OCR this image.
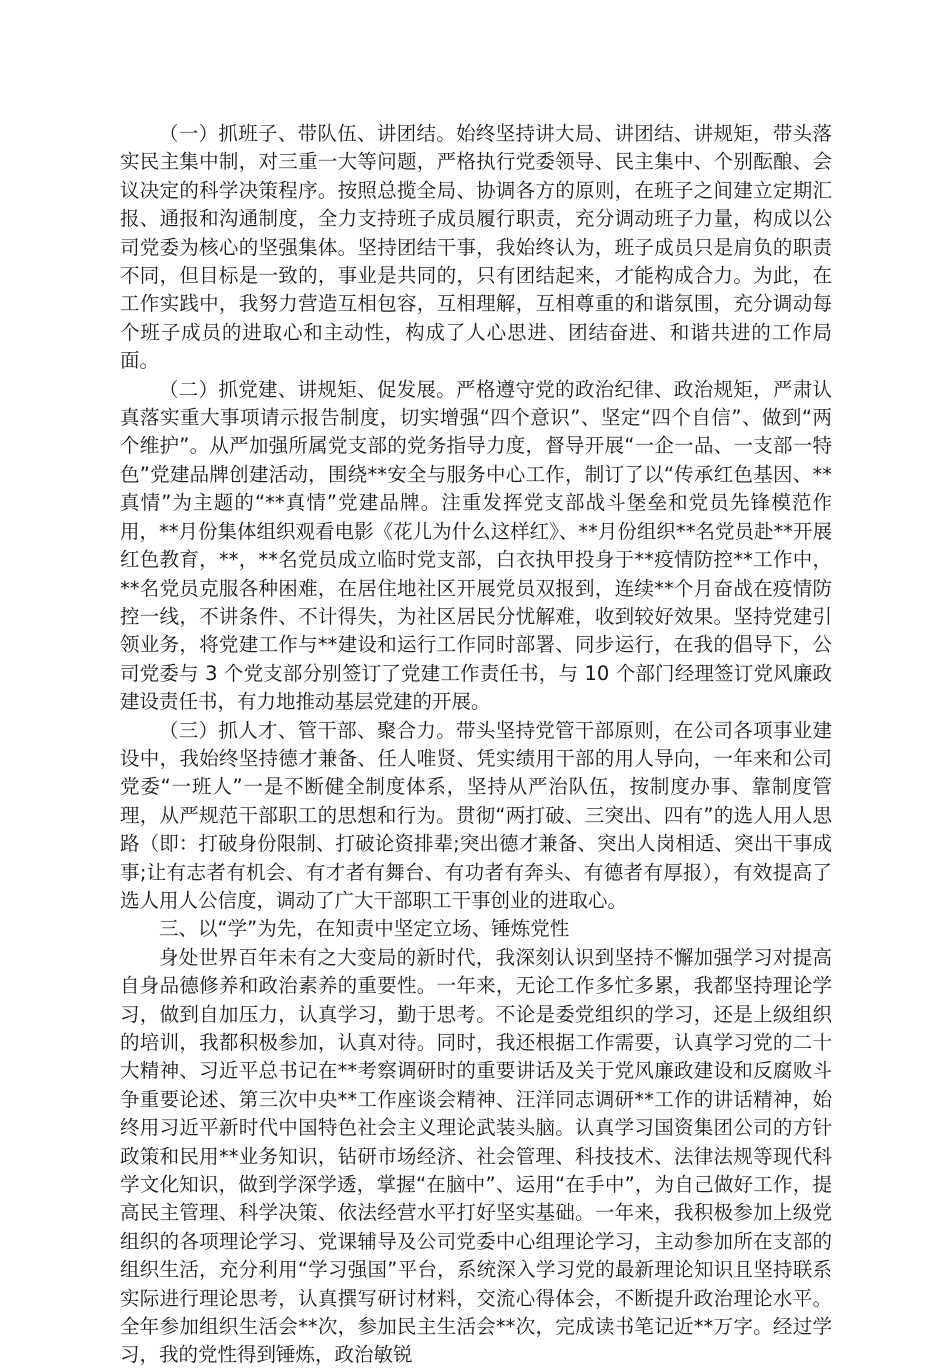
（一）抓班子、带队伍、讲团结。始终坚持讲大局、讲团结、讲规矩，带头落实民主集中制，对三重一大等问题，严格执行党委领导、民主集中、个别酝酿、会议决定的科学决策程序。按照总揽全局、协调各方的原则，在班子之间建立定期汇报、通报和沟通制度，全力支持班子成员履行职责，充分调动班子力量，构成以公司党委为核心的坚强集体。坚持团结干事，我始终认为，班子成员只是肩负的职责不同，但目标是一致的，事业是共同的，只有团结起来，才能构成合力。为此，在工作实践中，我努力营造互相包容，互相理解，互相尊重的和谐氛围，充分调动每个班子成员的进取心和主动性，构成了人心思进、团结奋进、和谐共进的工作局面。

（二）抓党建、讲规矩、促发展。严格遵守党的政治纪律、政治规矩，严肃认真落实重大事项请示报告制度，切实增强“四个意识”、坚定“四个自信”、做到“两个维护”。从严加强所属党支部的党务指导力度，督导开展“一企一品、一支部一特色”党建品牌创建活动，围绕**安全与服务中心工作，制订了以“传承红色基因、**真情”为主题的“**真情”党建品牌。注重发挥党支部战斗堡垒和党员先锋模范作用，**月份集体组织观看电影《花儿为什么这样红》、**月份组织**名党员赴**开展红色教育，**，**名党员成立临时党支部，白衣执甲投身于**疫情防控**工作中，**名党员克服各种困难，在居住地社区开展党员双报到，连续**个月奋战在疫情防控一线，不讲条件、不计得失，为社区居民分忧解难，收到较好效果。坚持党建引领业务，将党建工作与**建设和运行工作同时部署、同步运行，在我的倡导下，公司党委与 3 个党支部分别签订了党建工作责任书，与 10 个部门经理签订党风廉政建设责任书，有力地推动基层党建的开展。

（三）抓人才、管干部、聚合力。带头坚持党管干部原则，在公司各项事业建设中，我始终坚持德才兼备、任人唯贤、凭实绩用干部的用人导向，一年来和公司党委“一班人”一是不断健全制度体系，坚持从严治队伍，按制度办事、靠制度管理，从严规范干部职工的思想和行为。贯彻“两打破、三突出、四有”的选人用人思路（即：打破身份限制、打破论资排辈;突出德才兼备、突出人岗相适、突出干事成事;让有志者有机会、有才者有舞台、有功者有奔头、有德者有厚报），有效提高了选人用人公信度，调动了广大干部职工干事创业的进取心。

三、以“学”为先，在知责中坚定立场、锤炼党性

身处世界百年未有之大变局的新时代，我深刻认识到坚持不懈加强学习对提高自身品德修养和政治素养的重要性。一年来，无论工作多忙多累，我都坚持理论学习，做到自加压力，认真学习，勤于思考。不论是委党组织的学习，还是上级组织的培训，我都积极参加，认真对待。同时，我还根据工作需要，认真学习党的二十大精神、习近平总书记在**考察调研时的重要讲话及关于党风廉政建设和反腐败斗争重要论述、第三次中央**工作座谈会精神、汪洋同志调研**工作的讲话精神，始终用习近平新时代中国特色社会主义理论武装头脑。认真学习国资集团公司的方针政策和民用**业务知识，钻研市场经济、社会管理、科技技术、法律法规等现代科学文化知识，做到学深学透，掌握“在脑中”、运用“在手中”，为自己做好工作，提高民主管理、科学决策、依法经营水平打好坚实基础。一年来，我积极参加上级党组织的各项理论学习、党课辅导及公司党委中心组理论学习，主动参加所在支部的组织生活，充分利用“学习强国”平台，系统深入学习党的最新理论知识且坚持联系实际进行理论思考，认真撰写研讨材料，交流心得体会，不断提升政治理论水平。全年参加组织生活会**次，参加民主生活会**次，完成读书笔记近**万字。经过学习，我的党性得到锤炼，政治敏锐
